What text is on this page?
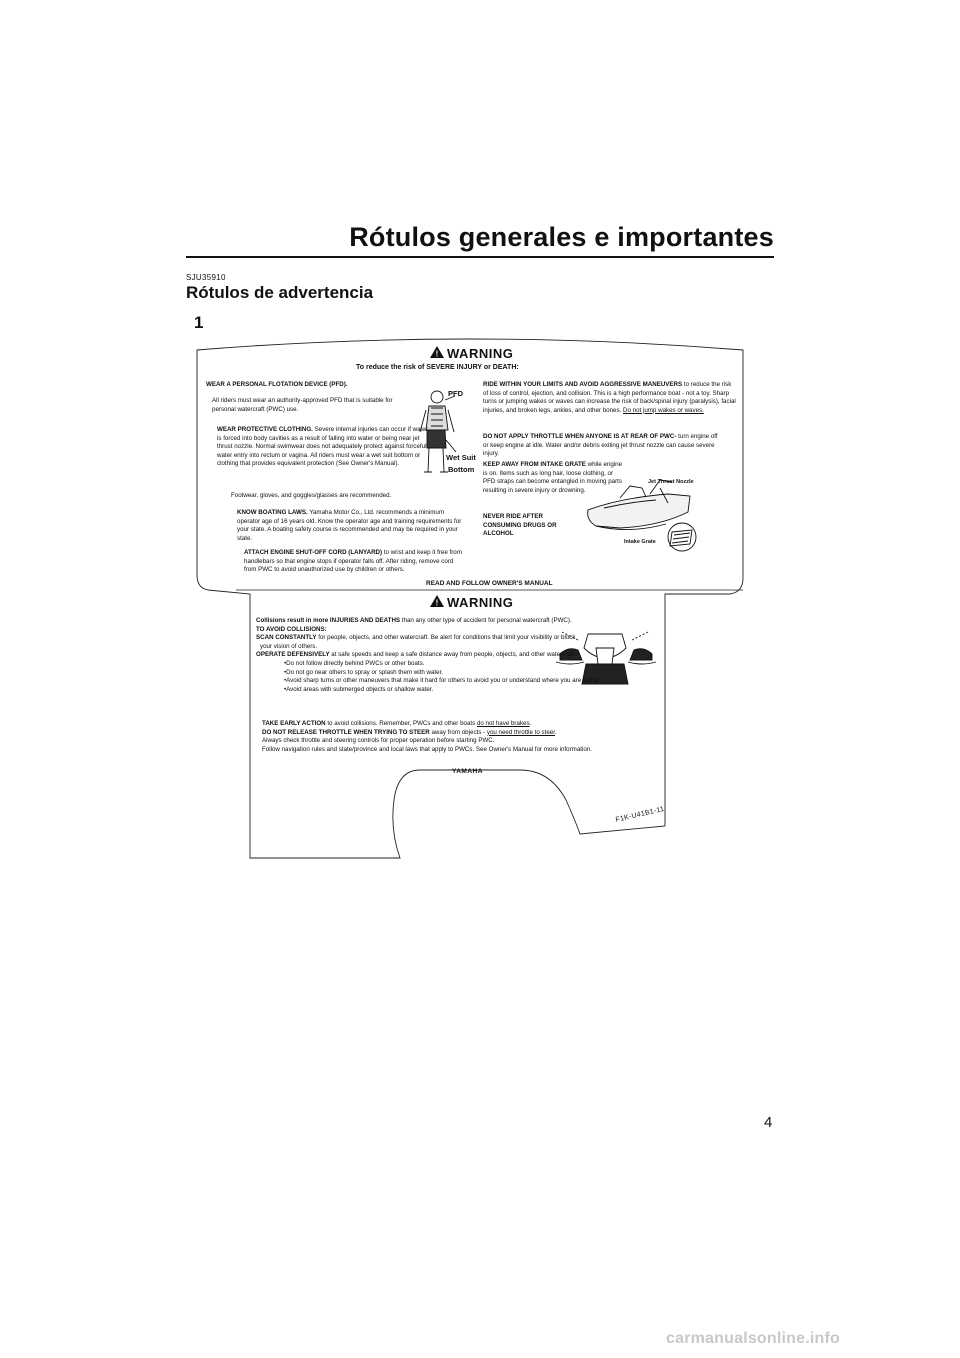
Rótulos generales e importantes
SJU35910
Rótulos de advertencia
1
!
!
WARNING
To reduce the risk of SEVERE INJURY or DEATH:

WEAR A PERSONAL FLOTATION DEVICE (PFD).

All riders must wear an authority-approved PFD that is suitable for personal watercraft (PWC) use.

WEAR PROTECTIVE CLOTHING. Severe internal injuries can occur if water is forced into body cavities as a result of falling into water or being near jet thrust nozzle. Normal swimwear does not adequately protect against forceful water entry into rectum or vagina. All riders must wear a wet suit bottom or clothing that provides equivalent protection (See Owner's Manual).

Footwear, gloves, and goggles/glasses are recommended.

KNOW BOATING LAWS. Yamaha Motor Co., Ltd. recommends a minimum operator age of 16 years old. Know the operator age and training requirements for your state. A boating safety course is recommended and may be required in your state.

ATTACH ENGINE SHUT-OFF CORD (LANYARD) to wrist and keep it free from handlebars so that engine stops if operator falls off. After riding, remove cord from PWC to avoid unauthorized use by children or others.

RIDE WITHIN YOUR LIMITS AND AVOID AGGRESSIVE MANEUVERS to reduce the risk of loss of control, ejection, and collision. This is a high performance boat - not a toy. Sharp turns or jumping wakes or waves can increase the risk of back/spinal injury (paralysis), facial injuries, and broken legs, ankles, and other bones. Do not jump wakes or waves.

DO NOT APPLY THROTTLE WHEN ANYONE IS AT REAR OF PWC- turn engine off or keep engine at idle. Water and/or debris exiting jet thrust nozzle can cause severe injury.

KEEP AWAY FROM INTAKE GRATE while engine is on. Items such as long hair, loose clothing, or PFD straps can become entangled in moving parts resulting in severe injury or drowning.

NEVER RIDE AFTER CONSUMING DRUGS OR ALCOHOL

PFD
Wet Suit
Bottom
Jet Thrust Nozzle
Intake Grate
READ AND FOLLOW OWNER'S MANUAL
WARNING

Collisions result in more INJURIES AND DEATHS than any other type of accident for personal watercraft (PWC).

TO AVOID COLLISIONS:

SCAN CONSTANTLY for people, objects, and other watercraft. Be alert for conditions that limit your visibility or block

your vision of others.

OPERATE DEFENSIVELY at safe speeds and keep a safe distance away from people, objects, and other watercraft.

•Do not follow directly behind PWCs or other boats.

•Do not go near others to spray or splash them with water.

•Avoid sharp turns or other maneuvers that make it hard for others to avoid you or understand where you are going.

•Avoid areas with submerged objects or shallow water.

TAKE EARLY ACTION to avoid collisions. Remember, PWCs and other boats do not have brakes.

DO NOT RELEASE THROTTLE WHEN TRYING TO STEER away from objects - you need throttle to steer.

Always check throttle and steering controls for proper operation before starting PWC.

Follow navigation rules and state/province and local laws that apply to PWCs. See Owner's Manual for more information.

YAMAHA
F1K-U41B1-11
4
carmanualsonline.info
